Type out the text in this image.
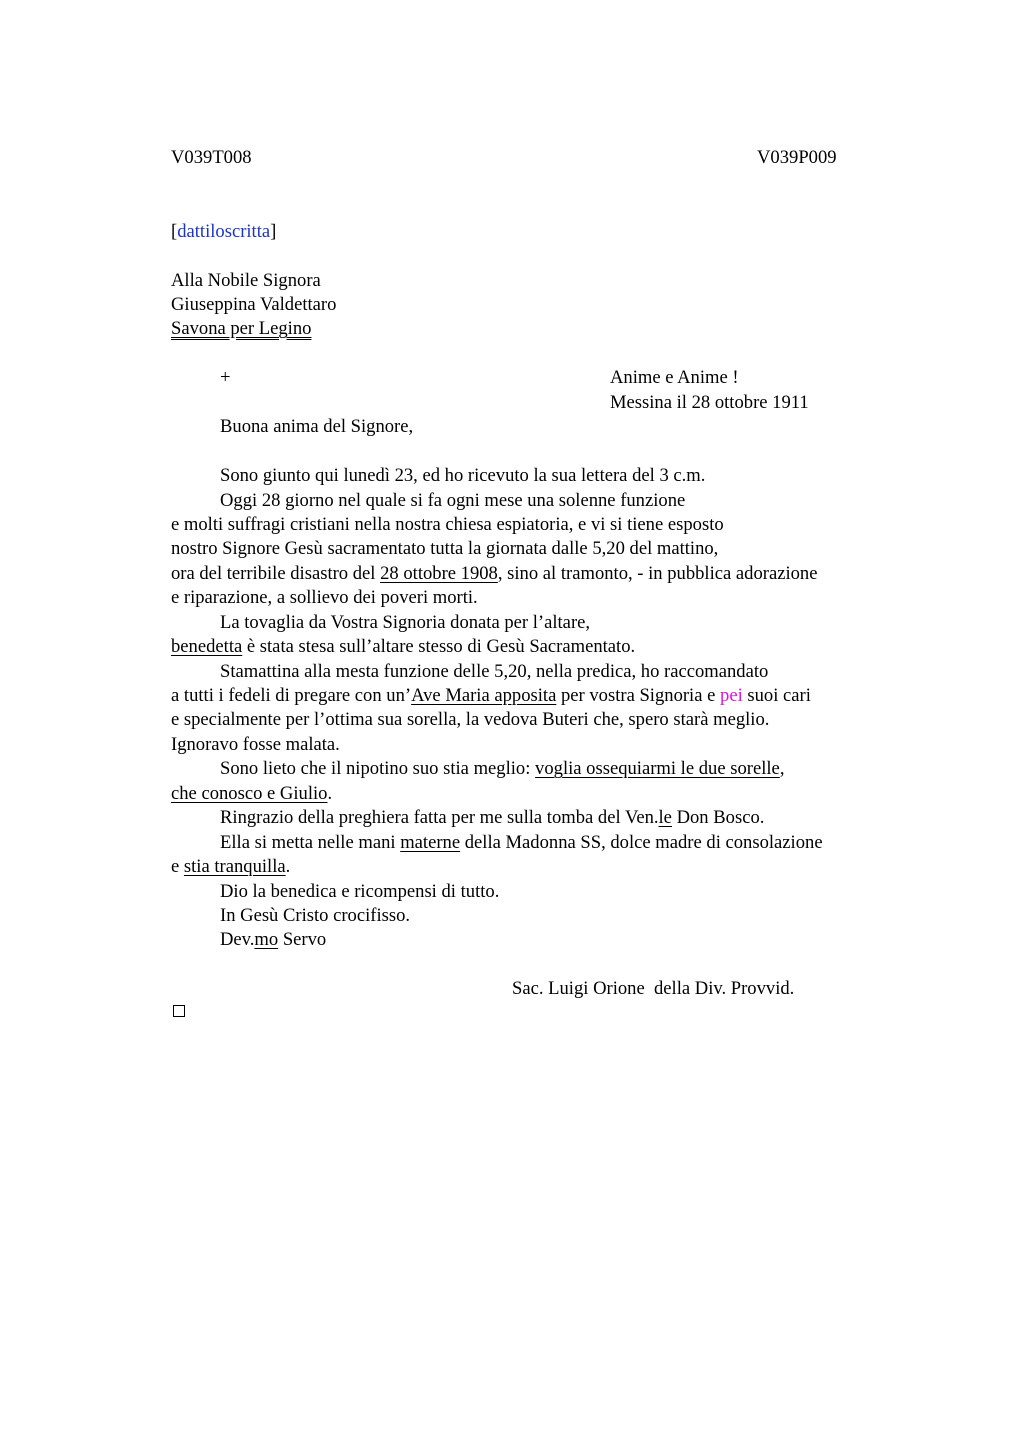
V039T008	V039P009

[dattiloscritta]

Alla Nobile Signora

Giuseppina Valdettaro

Savona per Legino

+	Anime e Anime !

Messina il 28 ottobre 1911

Buona anima del Signore,

Sono giunto qui lunedì 23, ed ho ricevuto la sua lettera del 3 c.m.

Oggi 28 giorno nel quale si fa ogni mese una solenne funzione

e molti suffragi cristiani nella nostra chiesa espiatoria, e vi si tiene esposto

nostro Signore Gesù sacramentato tutta la giornata dalle 5,20 del mattino,

ora del terribile disastro del 28 ottobre 1908, sino al tramonto, - in pubblica adorazione

e riparazione, a sollievo dei poveri morti.

La tovaglia da Vostra Signoria donata per l’altare,

benedetta è stata stesa sull’altare stesso di Gesù Sacramentato.

Stamattina alla mesta funzione delle 5,20, nella predica, ho raccomandato

a tutti i fedeli di pregare con un’Ave Maria apposita per vostra Signoria e pei suoi cari

e specialmente per l’ottima sua sorella, la vedova Buteri che, spero starà meglio.

Ignoravo fosse malata.

Sono lieto che il nipotino suo stia meglio: voglia ossequiarmi le due sorelle,

che conosco e Giulio.

Ringrazio della preghiera fatta per me sulla tomba del Ven.le Don Bosco.

Ella si metta nelle mani materne della Madonna SS, dolce madre di consolazione

e stia tranquilla.

Dio la benedica e ricompensi di tutto.

In Gesù Cristo crocifisso.

Dev.mo Servo

Sac. Luigi Orione  della Div. Provvid.
